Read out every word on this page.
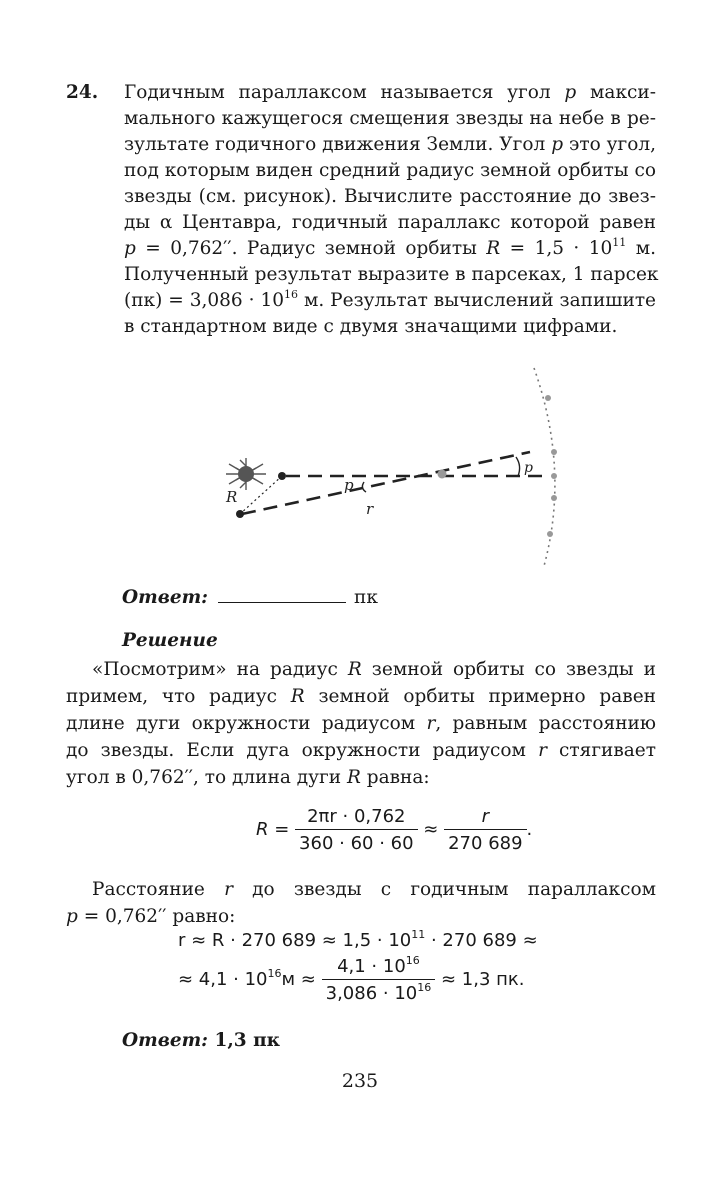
24. Годичным параллаксом называется угол p макси-
мального кажущегося смещения звезды на небе в ре-
зультате годичного движения Земли. Угол p это угол,
под которым виден средний радиус земной орбиты со
звезды (см. рисунок). Вычислите расстояние до звез-
ды α Центавра, годичный параллакс которой равен
p = 0,762′′. Радиус земной орбиты $R = 1,5 \cdot 10^{11}$ м.
Полученный результат выразите в парсеках, 1 парсек
$(пк) = 3,086 \cdot 10^{16}$ м. Результат вычислений запишите
в стандартном виде с двумя значащими цифрами.
R
p
p
r
Ответ:	пк
Решение
«Посмотрим» на радиус R земной орбиты со звезды и
примем, что радиус R земной орбиты примерно равен
длине дуги окружности радиусом r, равным расстоянию
до звезды. Если дуга окружности радиусом r стягивает
угол в 0,762′′, то длина дуги R равна:
$R = \frac{2\pi r \cdot 0,762}{360 \cdot 60 \cdot 60} \approx \frac{r}{270 689}$ .
Расстояние r до звезды с годичным параллаксом
p = 0,762′′ равно:
r ≈ R · 270 $689 \approx 1,5 \cdot 10^{11} \cdot 270$ 689 ≈
≈ $4,1 \cdot 10^{16}м \approx \frac{4,1 \cdot 10^{16}}{3,086 \cdot 10^{16}} \approx 1,3$ пк.
Ответ: 1,3 пк
235
